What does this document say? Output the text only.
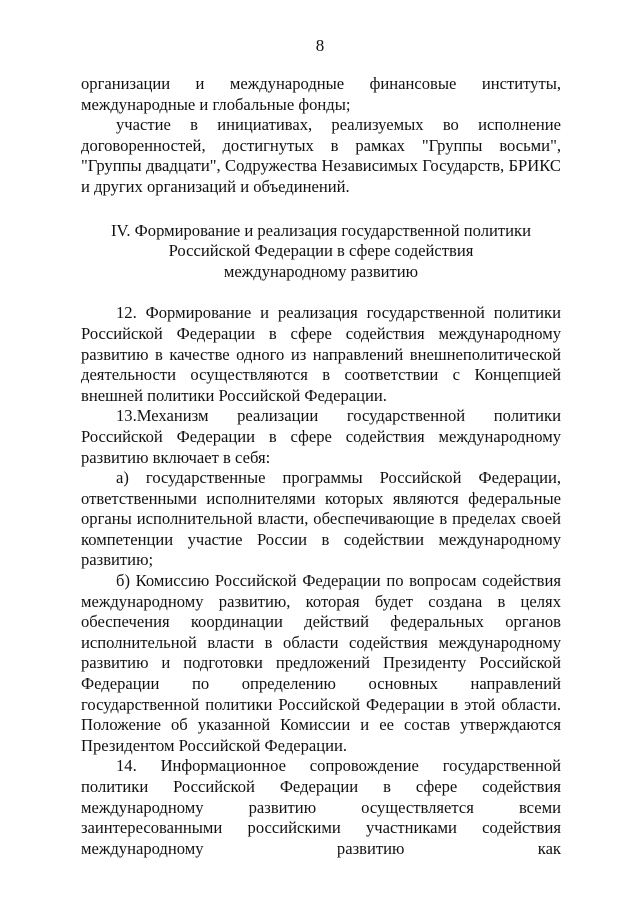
8

организации и международные финансовые институты, международные и глобальные фонды;

участие в инициативах, реализуемых во исполнение договоренностей, достигнутых в рамках "Группы восьми", "Группы двадцати", Содружества Независимых Государств, БРИКС и других организаций и объединений.

IV. Формирование и реализация государственной политики
Российской Федерации в сфере содействия
международному развитию

12. Формирование и реализация государственной политики Российской Федерации в сфере содействия международному развитию в качестве одного из направлений внешнеполитической деятельности осуществляются в соответствии с Концепцией внешней политики Российской Федерации.

13.Механизм реализации государственной политики Российской Федерации в сфере содействия международному развитию включает в себя:

а) государственные программы Российской Федерации, ответственными исполнителями которых являются федеральные органы исполнительной власти, обеспечивающие в пределах своей компетенции участие России в содействии международному развитию;

б) Комиссию Российской Федерации по вопросам содействия международному развитию, которая будет создана в целях обеспечения координации действий федеральных органов исполнительной власти в области содействия международному развитию и подготовки предложений Президенту Российской Федерации по определению основных направлений государственной политики Российской Федерации в этой области. Положение об указанной Комиссии и ее состав утверждаются Президентом Российской Федерации.

14. Информационное сопровождение государственной политики Российской Федерации в сфере содействия международному развитию осуществляется всеми заинтересованными российскими участниками содействия международному развитию как
